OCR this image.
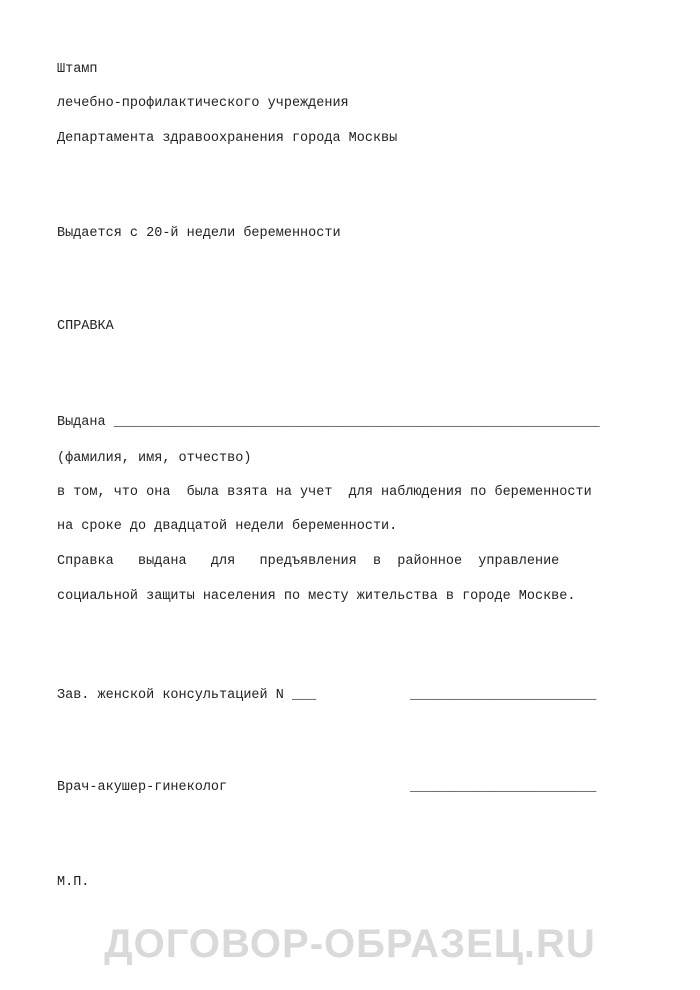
Штамп
лечебно-профилактического учреждения
Департамента здравоохранения города Москвы
Выдается с 20-й недели беременности
СПРАВКА
Выдана ____________________________________________________________
(фамилия, имя, отчество)
в том, что она  была взята на учет  для наблюдения по беременности
на сроке до двадцатой недели беременности.
Справка   выдана   для   предъявления  в  районное  управление
социальной защиты населения по месту жительства в городе Москве.
Зав. женской консультацией N ___	_______________________
Врач-акушер-гинеколог	_______________________
М.П.
ДОГОВОР-ОБРАЗЕЦ.RU
